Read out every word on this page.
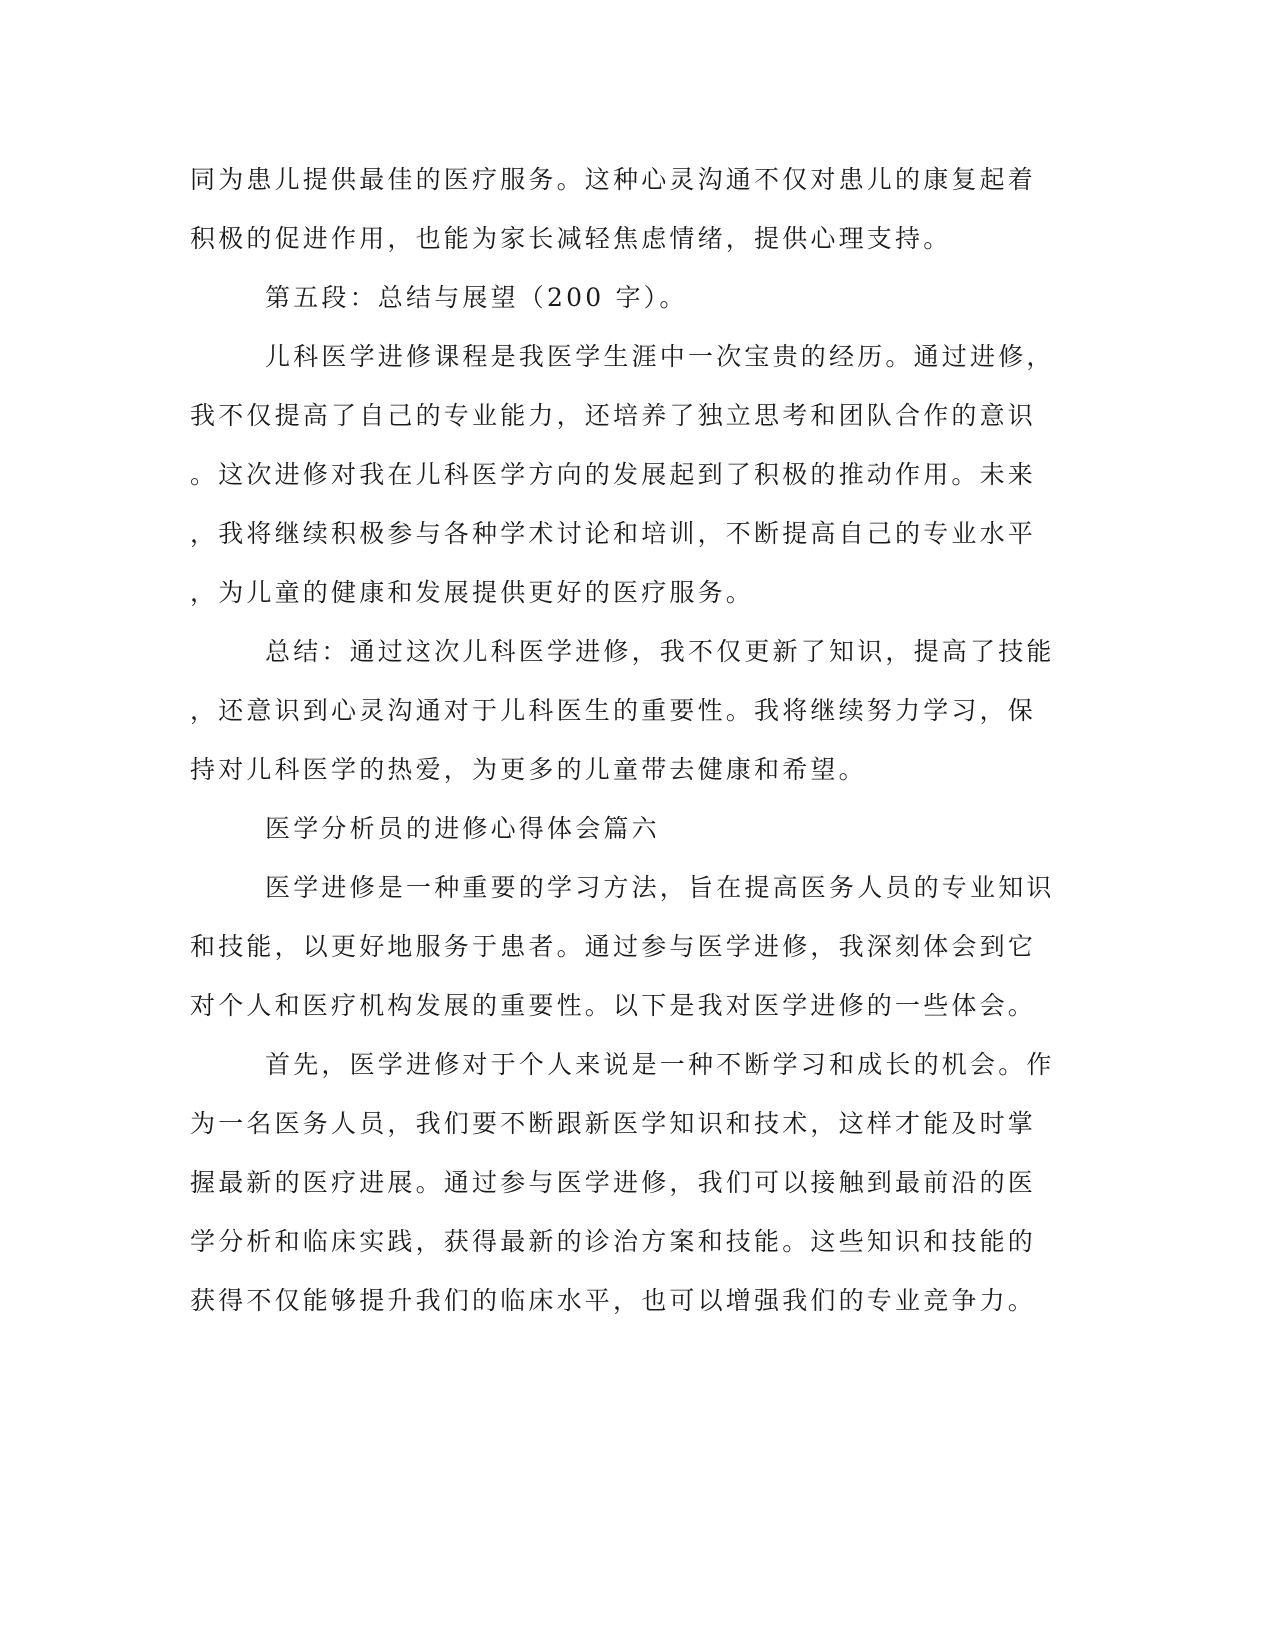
同为患儿提供最佳的医疗服务。这种心灵沟通不仅对患儿的康复起着
积极的促进作用，也能为家长减轻焦虑情绪，提供心理支持。
第五段：总结与展望（200 字）。
儿科医学进修课程是我医学生涯中一次宝贵的经历。通过进修，
我不仅提高了自己的专业能力，还培养了独立思考和团队合作的意识
。这次进修对我在儿科医学方向的发展起到了积极的推动作用。未来
，我将继续积极参与各种学术讨论和培训，不断提高自己的专业水平
，为儿童的健康和发展提供更好的医疗服务。
总结：通过这次儿科医学进修，我不仅更新了知识，提高了技能
，还意识到心灵沟通对于儿科医生的重要性。我将继续努力学习，保
持对儿科医学的热爱，为更多的儿童带去健康和希望。
医学分析员的进修心得体会篇六
医学进修是一种重要的学习方法，旨在提高医务人员的专业知识
和技能，以更好地服务于患者。通过参与医学进修，我深刻体会到它
对个人和医疗机构发展的重要性。以下是我对医学进修的一些体会。
首先，医学进修对于个人来说是一种不断学习和成长的机会。作
为一名医务人员，我们要不断跟新医学知识和技术，这样才能及时掌
握最新的医疗进展。通过参与医学进修，我们可以接触到最前沿的医
学分析和临床实践，获得最新的诊治方案和技能。这些知识和技能的
获得不仅能够提升我们的临床水平，也可以增强我们的专业竞争力。
